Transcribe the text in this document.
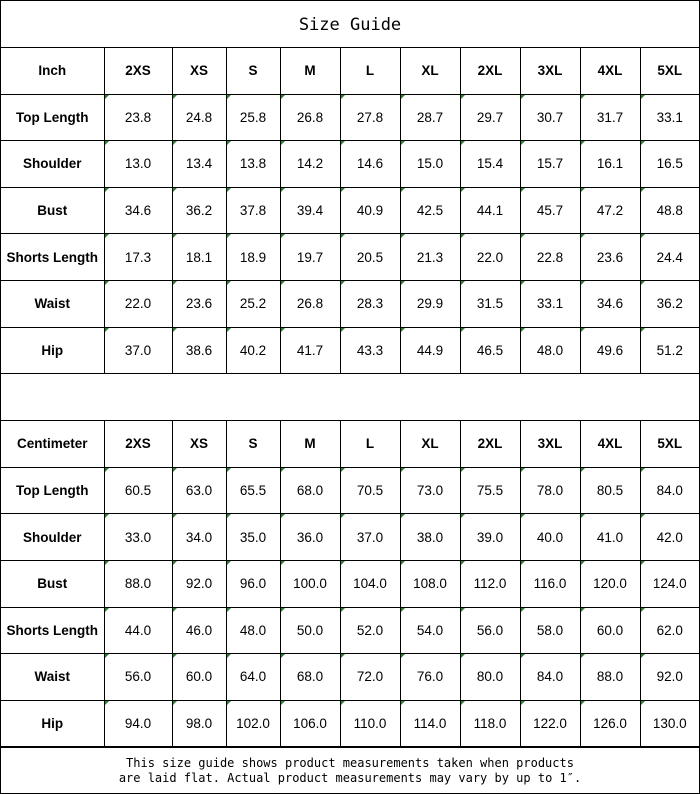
Size Guide
Inch	2XS	XS	S	M	L	XL	2XL	3XL	4XL	5XL
Top Length	23.8	24.8	25.8	26.8	27.8	28.7	29.7	30.7	31.7	33.1
Shoulder	13.0	13.4	13.8	14.2	14.6	15.0	15.4	15.7	16.1	16.5
Bust	34.6	36.2	37.8	39.4	40.9	42.5	44.1	45.7	47.2	48.8
Shorts Length	17.3	18.1	18.9	19.7	20.5	21.3	22.0	22.8	23.6	24.4
Waist	22.0	23.6	25.2	26.8	28.3	29.9	31.5	33.1	34.6	36.2
Hip	37.0	38.6	40.2	41.7	43.3	44.9	46.5	48.0	49.6	51.2
Centimeter	2XS	XS	S	M	L	XL	2XL	3XL	4XL	5XL
Top Length	60.5	63.0	65.5	68.0	70.5	73.0	75.5	78.0	80.5	84.0
Shoulder	33.0	34.0	35.0	36.0	37.0	38.0	39.0	40.0	41.0	42.0
Bust	88.0	92.0	96.0	100.0	104.0	108.0	112.0	116.0	120.0	124.0
Shorts Length	44.0	46.0	48.0	50.0	52.0	54.0	56.0	58.0	60.0	62.0
Waist	56.0	60.0	64.0	68.0	72.0	76.0	80.0	84.0	88.0	92.0
Hip	94.0	98.0	102.0	106.0	110.0	114.0	118.0	122.0	126.0	130.0
This size guide shows product measurements taken when products
are laid flat. Actual product measurements may vary by up to 1″.
